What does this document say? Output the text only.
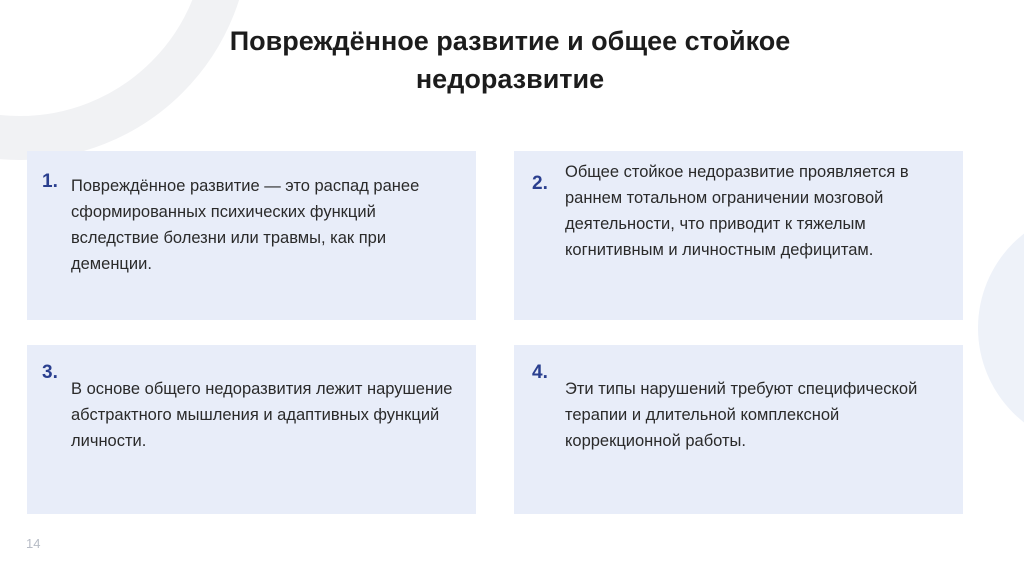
Повреждённое развитие и общее стойкое
недоразвитие
1. Повреждённое развитие — это распад ранее сформированных психических функций вследствие болезни или травмы, как при деменции.
2.
Общее стойкое недоразвитие проявляется в раннем тотальном ограничении мозговой деятельности, что приводит к тяжелым когнитивным и личностным дефицитам.
3.
В основе общего недоразвития лежит нарушение абстрактного мышления и адаптивных функций личности.
4.
Эти типы нарушений требуют специфической терапии и длительной комплексной коррекционной работы.
14
